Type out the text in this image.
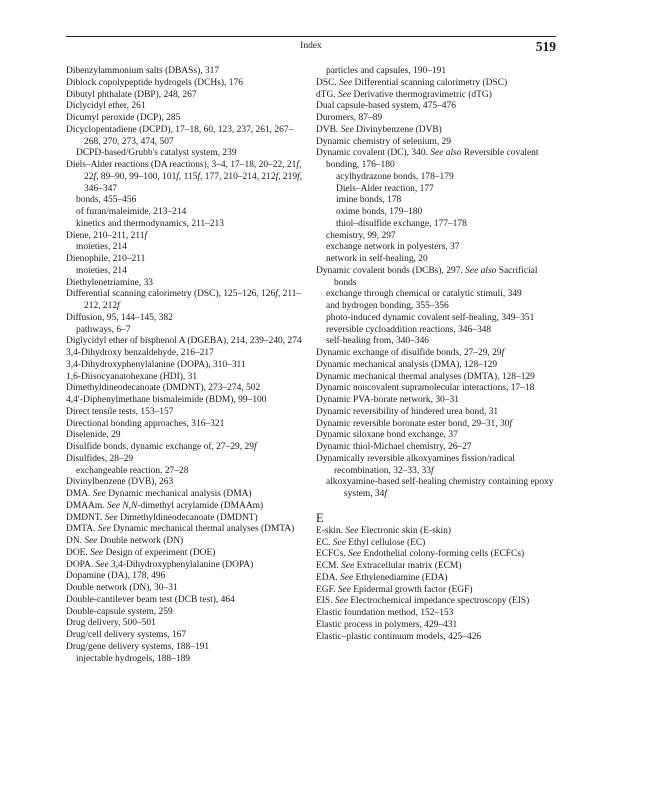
Index	519
Dibenzylammonium salts (DBASs), 317
Diblock copolypeptide hydrogels (DCHs), 176
Dibutyl phthalate (DBP), 248, 267
Diclycidyl ether, 261
Dicumyl peroxide (DCP), 285
Dicyclopentadiene (DCPD), 17–18, 60, 123, 237, 261, 267–268, 270, 273, 474, 507
DCPD-based/Grubb's catalyst system, 239
Diels–Alder reactions (DA reactions), 3–4, 17–18, 20–22, 21f, 22f, 89–90, 99–100, 101f, 115f, 177, 210–214, 212f, 219f, 346–347
bonds, 455–456
of furan/maleimide, 213–214
kinetics and thermodynamics, 211–213
Diene, 210–211, 211f
moieties, 214
Dienophile, 210–211
moieties, 214
Diethylenetriamine, 33
Differential scanning calorimetry (DSC), 125–126, 126f, 211–212, 212f
Diffusion, 95, 144–145, 382
pathways, 6–7
Diglycidyl ether of bisphenol A (DGEBA), 214, 239–240, 274
3,4-Dihydroxy benzaldehyde, 216–217
3,4-Dihydroxyphenylalanine (DOPA), 310–311
1,6-Diisocyanatohexane (HDI), 31
Dimethyldineodecanoate (DMDNT), 273–274, 502
4,4′-Diphenylmethane bismaleimide (BDM), 99–100
Direct tensile tests, 153–157
Directional bonding approaches, 316–321
Diselenide, 29
Disulfide bonds, dynamic exchange of, 27–29, 29f
Disulfides, 28–29
exchangeable reaction, 27–28
Divinylbenzene (DVB), 263
DMA. See Dynamic mechanical analysis (DMA)
DMAAm. See N,N-dimethyl acrylamide (DMAAm)
DMDNT. See Dimethyldineodecanoate (DMDNT)
DMTA. See Dynamic mechanical thermal analyses (DMTA)
DN. See Double network (DN)
DOE. See Design of experiment (DOE)
DOPA. See 3,4-Dihydroxyphenylalanine (DOPA)
Dopamine (DA), 178, 496
Double network (DN), 30–31
Double-cantilever beam test (DCB test), 464
Double-capsule system, 259
Drug delivery, 500–501
Drug/cell delivery systems, 167
Drug/gene delivery systems, 188–191
injectable hydrogels, 188–189
particles and capsules, 190–191
DSC. See Differential scanning calorimetry (DSC)
dTG. See Derivative thermogravimetric (dTG)
Dual capsule-based system, 475–476
Duromers, 87–89
DVB. See Divinybenzene (DVB)
Dynamic chemistry of selenium, 29
Dynamic covalent (DC), 340. See also Reversible covalent
bonding, 176–180
acylhydrazone bonds, 178–179
Diels–Alder reaction, 177
imine bonds, 178
oxime bonds, 179–180
thiol–disulfide exchange, 177–178
chemistry, 99, 297
exchange network in polyesters, 37
network in self-healing, 20
Dynamic covalent bonds (DCBs), 297. See also Sacrificial bonds
exchange through chemical or catalytic stimuli, 349
and hydrogen bonding, 355–356
photo-induced dynamic covalent self-healing, 349–351
reversible cycloaddition reactions, 346–348
self-healing from, 340–346
Dynamic exchange of disulfide bonds, 27–29, 29f
Dynamic mechanical analysis (DMA), 128–129
Dynamic mechanical thermal analyses (DMTA), 128–129
Dynamic noncovalent supramolecular interactions, 17–18
Dynamic PVA-borate network, 30–31
Dynamic reversibility of hindered urea bond, 31
Dynamic reversible boronate ester bond, 29–31, 30f
Dynamic siloxane bond exchange, 37
Dynamic thiol-Michael chemistry, 26–27
Dynamically reversible alkoxyamines fission/radical recombination, 32–33, 33f
alkoxyamine-based self-healing chemistry containing epoxy system, 34f
E
E-skin. See Electronic skin (E-skin)
EC. See Ethyl cellulose (EC)
ECFCs. See Endothelial colony-forming cells (ECFCs)
ECM. See Extracellular matrix (ECM)
EDA. See Ethylenediamine (EDA)
EGF. See Epidermal growth factor (EGF)
EIS. See Electrochemical impedance spectroscopy (EIS)
Elastic foundation method, 152–153
Elastic process in polymers, 429–431
Elastic–plastic continuum models, 425–426
